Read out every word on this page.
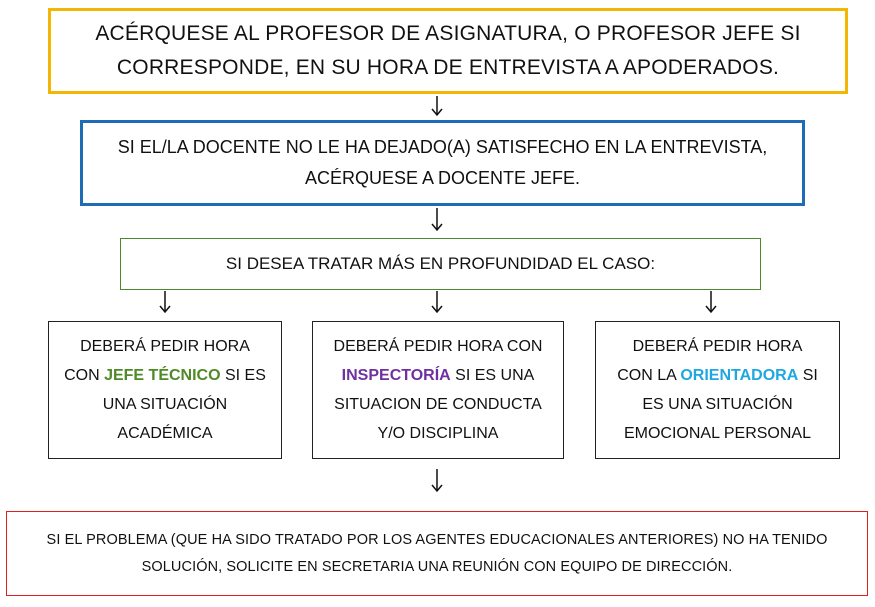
ACÉRQUESE AL PROFESOR DE ASIGNATURA, O PROFESOR JEFE SI

CORRESPONDE, EN SU HORA DE ENTREVISTA A APODERADOS.

SI EL/LA DOCENTE NO LE HA DEJADO(A) SATISFECHO EN LA ENTREVISTA,

ACÉRQUESE A DOCENTE JEFE.

SI DESEA TRATAR MÁS EN PROFUNDIDAD EL CASO:

DEBERÁ PEDIR HORA

CON JEFE TÉCNICO SI ES

UNA SITUACIÓN

ACADÉMICA

DEBERÁ PEDIR HORA CON

INSPECTORÍA SI ES UNA

SITUACION DE CONDUCTA

Y/O DISCIPLINA

DEBERÁ PEDIR HORA

CON LA ORIENTADORA SI

ES UNA SITUACIÓN

EMOCIONAL PERSONAL

SI EL PROBLEMA (QUE HA SIDO TRATADO POR LOS AGENTES EDUCACIONALES ANTERIORES) NO HA TENIDO

SOLUCIÓN, SOLICITE EN SECRETARIA UNA REUNIÓN CON EQUIPO DE DIRECCIÓN.
